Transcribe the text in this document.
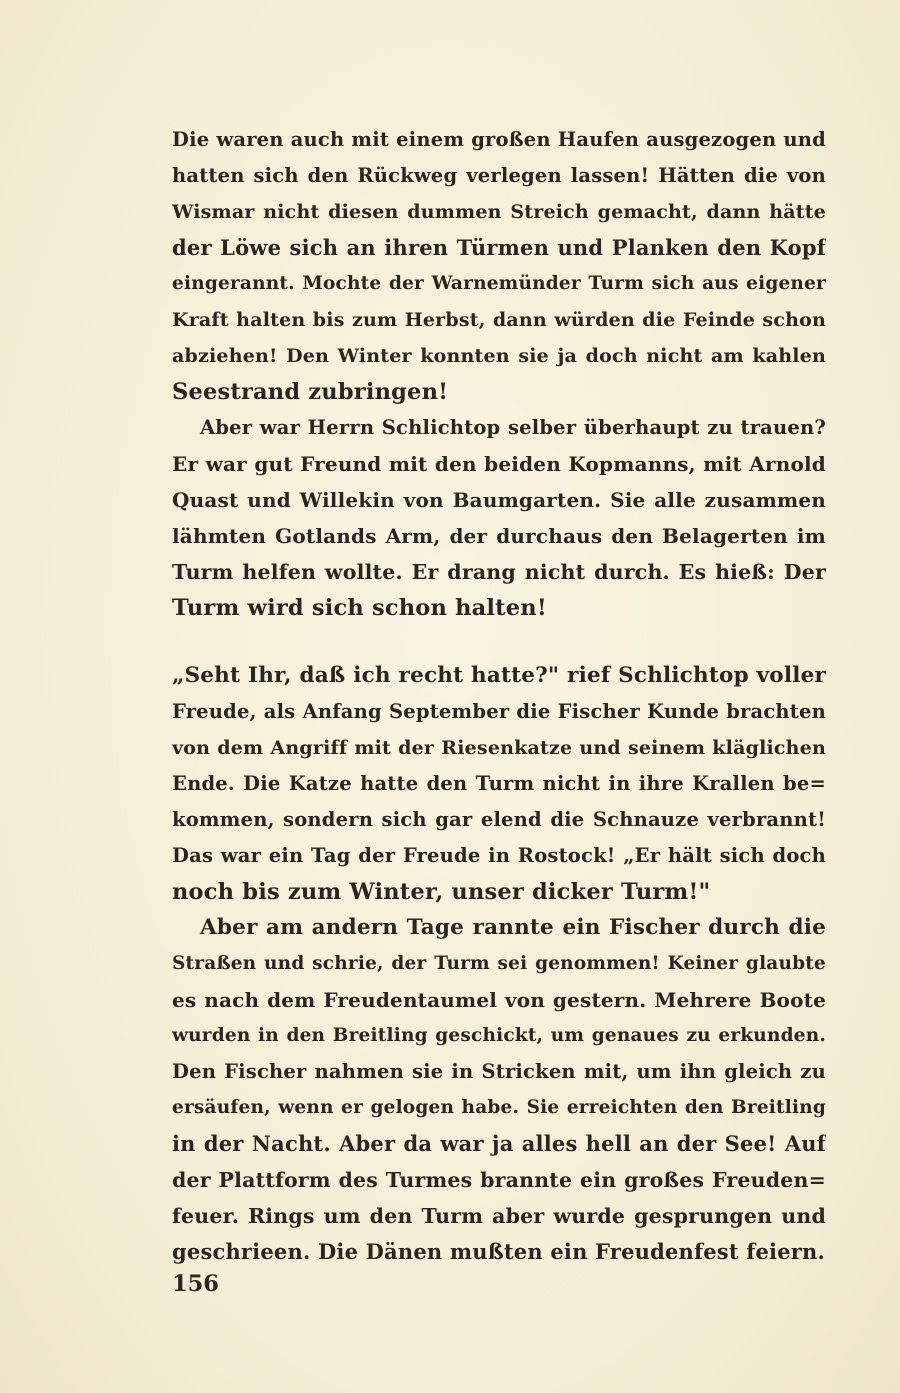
Die waren auch mit einem großen Haufen ausgezogen und
hatten sich den Rückweg verlegen lassen! Hätten die von
Wismar nicht diesen dummen Streich gemacht, dann hätte
der Löwe sich an ihren Türmen und Planken den Kopf
eingerannt. Mochte der Warnemünder Turm sich aus eigener
Kraft halten bis zum Herbst, dann würden die Feinde schon
abziehen! Den Winter konnten sie ja doch nicht am kahlen
Seestrand zubringen!
Aber war Herrn Schlichtop selber überhaupt zu trauen?
Er war gut Freund mit den beiden Kopmanns, mit Arnold
Quast und Willekin von Baumgarten. Sie alle zusammen
lähmten Gotlands Arm, der durchaus den Belagerten im
Turm helfen wollte. Er drang nicht durch. Es hieß: Der
Turm wird sich schon halten!
„Seht Ihr, daß ich recht hatte?" rief Schlichtop voller
Freude, als Anfang September die Fischer Kunde brachten
von dem Angriff mit der Riesenkatze und seinem kläglichen
Ende. Die Katze hatte den Turm nicht in ihre Krallen be=
kommen, sondern sich gar elend die Schnauze verbrannt!
Das war ein Tag der Freude in Rostock! „Er hält sich doch
noch bis zum Winter, unser dicker Turm!"
Aber am andern Tage rannte ein Fischer durch die
Straßen und schrie, der Turm sei genommen! Keiner glaubte
es nach dem Freudentaumel von gestern. Mehrere Boote
wurden in den Breitling geschickt, um genaues zu erkunden.
Den Fischer nahmen sie in Stricken mit, um ihn gleich zu
ersäufen, wenn er gelogen habe. Sie erreichten den Breitling
in der Nacht. Aber da war ja alles hell an der See! Auf
der Plattform des Turmes brannte ein großes Freuden=
feuer. Rings um den Turm aber wurde gesprungen und
geschrieen. Die Dänen mußten ein Freudenfest feiern.
156
